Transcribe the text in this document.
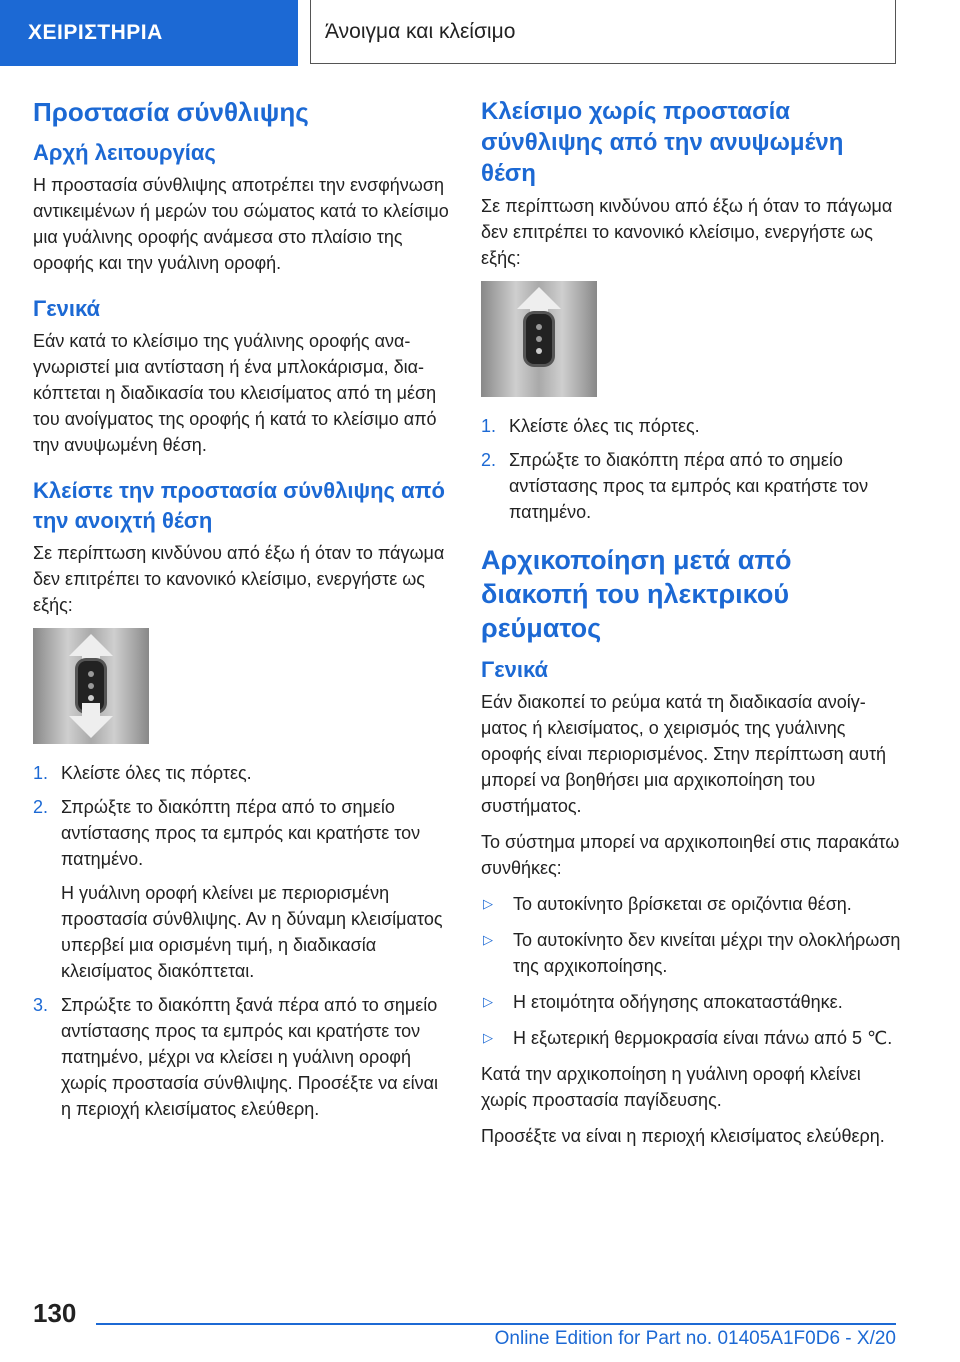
ΧΕΙΡΙΣΤΗΡΙΑ	Άνοιγμα και κλείσιμο
Προστασία σύνθλιψης
Αρχή λειτουργίας

Η προστασία σύνθλιψης αποτρέπει την ενσφήνωση αντικειμένων ή μερών του σώματος κατά το κλείσιμο μια γυάλινης οροφής ανάμεσα στο πλαίσιο της οροφής και την γυάλινη οροφή.

Γενικά

Εάν κατά το κλείσιμο της γυάλινης οροφής αναγνωριστεί μια αντίσταση ή ένα μπλοκάρισμα, διακόπτεται η διαδικασία του κλεισίματος από τη μέση του ανοίγματος της οροφής ή κατά το κλείσιμο από την ανυψωμένη θέση.

Κλείστε την προστασία σύνθλιψης από την ανοιχτή θέση

Σε περίπτωση κινδύνου από έξω ή όταν το πάγωμα δεν επιτρέπει το κανονικό κλείσιμο, ενεργήστε ως εξής:

1. Κλείστε όλες τις πόρτες.
2. Σπρώξτε το διακόπτη πέρα από το σημείο αντίστασης προς τα εμπρός και κρατήστε τον πατημένο.
Η γυάλινη οροφή κλείνει με περιορισμένη προστασία σύνθλιψης. Αν η δύναμη κλεισίματος υπερβεί μια ορισμένη τιμή, η διαδικασία κλεισίματος διακόπτεται.
3. Σπρώξτε το διακόπτη ξανά πέρα από το σημείο αντίστασης προς τα εμπρός και κρατήστε τον πατημένο, μέχρι να κλείσει η γυάλινη οροφή χωρίς προστασία σύνθλιψης. Προσέξτε να είναι η περιοχή κλεισίματος ελεύθερη.
Κλείσιμο χωρίς προστασία σύνθλιψης από την ανυψωμένη θέση

Σε περίπτωση κινδύνου από έξω ή όταν το πάγωμα δεν επιτρέπει το κανονικό κλείσιμο, ενεργήστε ως εξής:

1. Κλείστε όλες τις πόρτες.
2. Σπρώξτε το διακόπτη πέρα από το σημείο αντίστασης προς τα εμπρός και κρατήστε τον πατημένο.
Αρχικοποίηση μετά από διακοπή του ηλεκτρικού ρεύματος
Γενικά

Εάν διακοπεί το ρεύμα κατά τη διαδικασία ανοίγματος ή κλεισίματος, ο χειρισμός της γυάλινης οροφής είναι περιορισμένος. Στην περίπτωση αυτή μπορεί να βοηθήσει μια αρχικοποίηση του συστήματος.

Το σύστημα μπορεί να αρχικοποιηθεί στις παρακάτω συνθήκες:

▷ Το αυτοκίνητο βρίσκεται σε οριζόντια θέση.
▷ Το αυτοκίνητο δεν κινείται μέχρι την ολοκλήρωση της αρχικοποίησης.
▷ Η ετοιμότητα οδήγησης αποκαταστάθηκε.
▷ Η εξωτερική θερμοκρασία είναι πάνω από 5 ℃.

Κατά την αρχικοποίηση η γυάλινη οροφή κλείνει χωρίς προστασία παγίδευσης.

Προσέξτε να είναι η περιοχή κλεισίματος ελεύθερη.

130
Online Edition for Part no. 01405A1F0D6 - X/20
